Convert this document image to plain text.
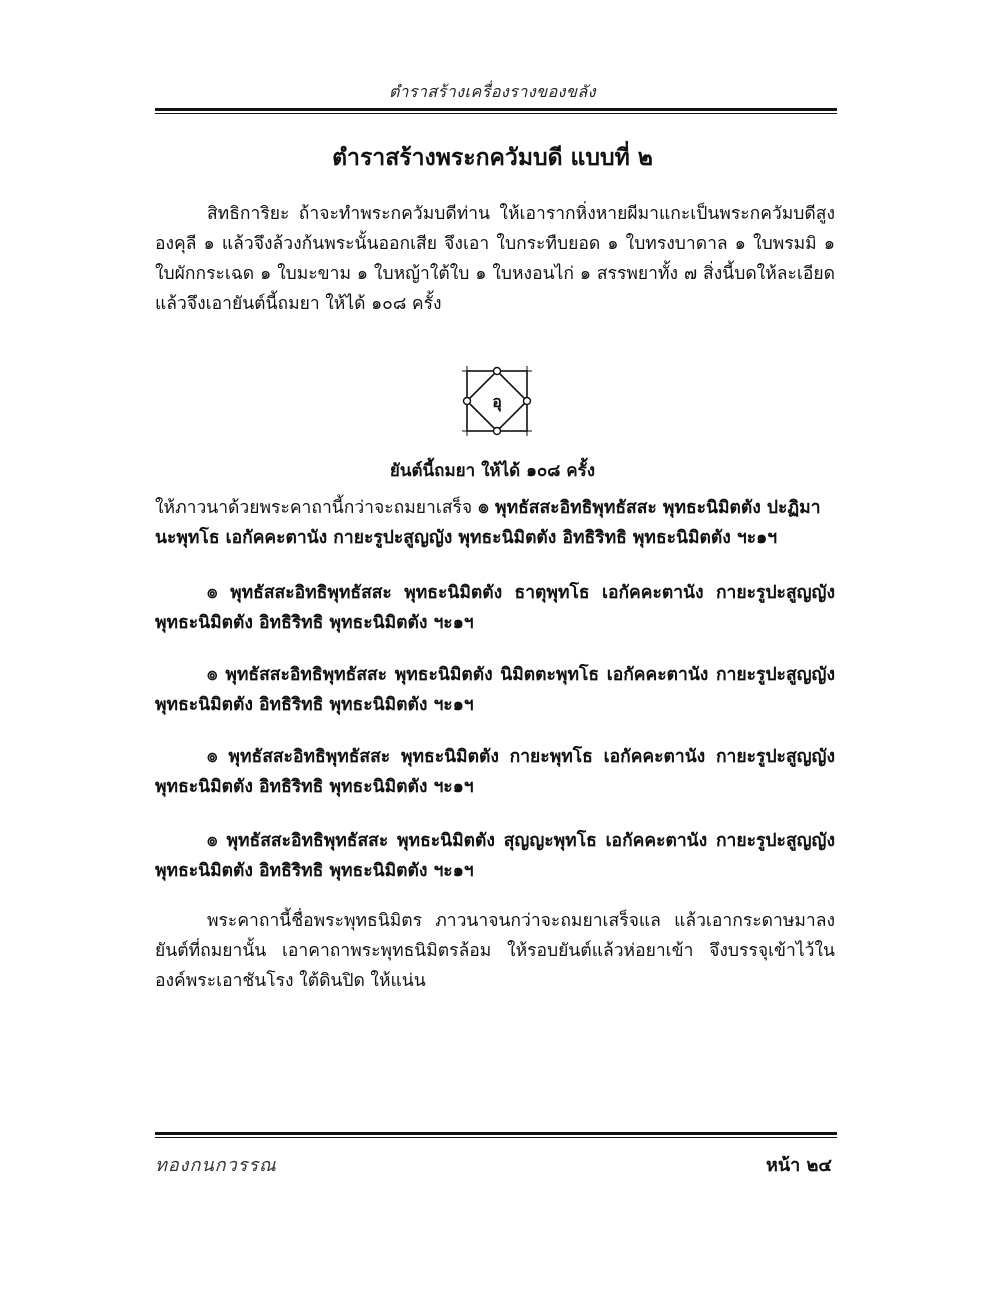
ตำราสร้างเครื่องรางของขลัง
ตำราสร้างพระกควัมบดี แบบที่ ๒

สิทธิการิยะ ถ้าจะทำพระกควัมบดีท่าน ให้เอารากหิ่งหายผีมาแกะเป็นพระกควัมบดีสูงองคุลี ๑ แล้วจึงล้วงก้นพระนั้นออกเสีย จึงเอา ใบกระทืบยอด ๑ ใบทรงบาดาล ๑ ใบพรมมิ ๑ ใบผักกระเฉด ๑ ใบมะขาม ๑ ใบหญ้าใต้ใบ ๑ ใบหงอนไก่ ๑ สรรพยาทั้ง ๗ สิ่งนี้บดให้ละเอียด แล้วจึงเอายันต์นี้ถมยา ให้ได้ ๑๐๘ ครั้ง

อุ
ยันต์นี้ถมยา ให้ได้ ๑๐๘ ครั้ง

ให้ภาวนาด้วยพระคาถานี้กว่าจะถมยาเสร็จ ๏ พุทธัสสะอิทธิพุทธัสสะ พุทธะนิมิตตัง ปะฏิมานะพุทโธ เอกัคคะตานัง กายะรูปะสูญญัง พุทธะนิมิตตัง อิทธิริทธิ พุทธะนิมิตตัง ฯะ๑ฯ

๏ พุทธัสสะอิทธิพุทธัสสะ พุทธะนิมิตตัง ธาตุพุทโธ เอกัคคะตานัง กายะรูปะสูญญัง พุทธะนิมิตตัง อิทธิริทธิ พุทธะนิมิตตัง ฯะ๑ฯ

๏ พุทธัสสะอิทธิพุทธัสสะ พุทธะนิมิตตัง นิมิตตะพุทโธ เอกัคคะตานัง กายะรูปะสูญญัง พุทธะนิมิตตัง อิทธิริทธิ พุทธะนิมิตตัง ฯะ๑ฯ

๏ พุทธัสสะอิทธิพุทธัสสะ พุทธะนิมิตตัง กายะพุทโธ เอกัคคะตานัง กายะรูปะสูญญัง พุทธะนิมิตตัง อิทธิริทธิ พุทธะนิมิตตัง ฯะ๑ฯ

๏ พุทธัสสะอิทธิพุทธัสสะ พุทธะนิมิตตัง สุญญะพุทโธ เอกัคคะตานัง กายะรูปะสูญญัง พุทธะนิมิตตัง อิทธิริทธิ พุทธะนิมิตตัง ฯะ๑ฯ

พระคาถานี้ชื่อพระพุทธนิมิตร ภาวนาจนกว่าจะถมยาเสร็จแล แล้วเอากระดาษมาลงยันต์ที่ถมยานั้น เอาคาถาพระพุทธนิมิตรล้อม ให้รอบยันต์แล้วห่อยาเข้า จึงบรรจุเข้าไว้ในองค์พระเอาชันโรง ใต้ดินปิด ให้แน่น

ทองกนกวรรณ	หน้า ๒๔
